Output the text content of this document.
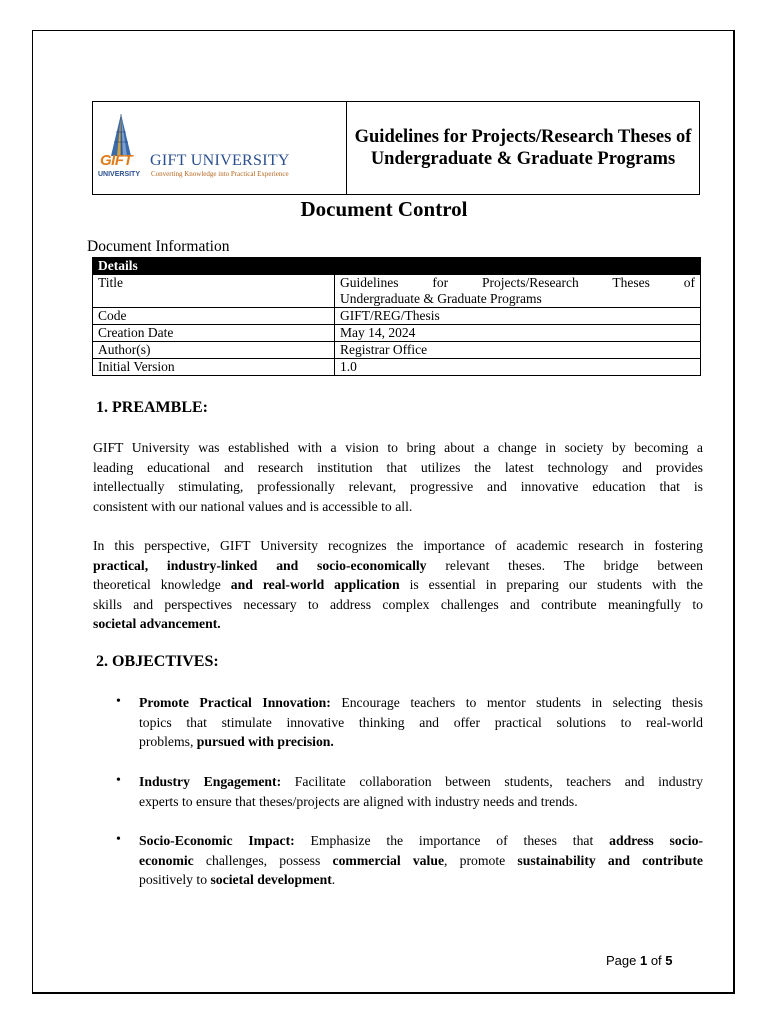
GIFT
UNIVERSITY
GIFT UNIVERSITY
Converting Knowledge into Practical Experience
Guidelines for Projects/Research Theses of Undergraduate & Graduate Programs
Document Control
Document Information
Details	
Title	Guidelines for Projects/Research Theses of
Undergraduate & Graduate Programs

Code	GIFT/REG/Thesis
Creation Date	May 14, 2024
Author(s)	Registrar Office
Initial Version	1.0
1. PREAMBLE:
GIFT University was established with a vision to bring about a change in society by becoming a
leading educational and research institution that utilizes the latest technology and provides
intellectually stimulating, professionally relevant, progressive and innovative education that is
consistent with our national values and is accessible to all.
In this perspective, GIFT University recognizes the importance of academic research in fostering
practical, industry-linked and socio-economically relevant theses. The bridge between
theoretical knowledge and real-world application is essential in preparing our students with the
skills and perspectives necessary to address complex challenges and contribute meaningfully to
societal advancement.
2. OBJECTIVES:
• Promote Practical Innovation: Encourage teachers to mentor students in selecting thesis
topics that stimulate innovative thinking and offer practical solutions to real-world
problems, pursued with precision.
• Industry Engagement: Facilitate collaboration between students, teachers and industry
experts to ensure that theses/projects are aligned with industry needs and trends.
• Socio-Economic Impact: Emphasize the importance of theses that address socio-
economic challenges, possess commercial value, promote sustainability and contribute
positively to societal development.
Page 1 of 5
